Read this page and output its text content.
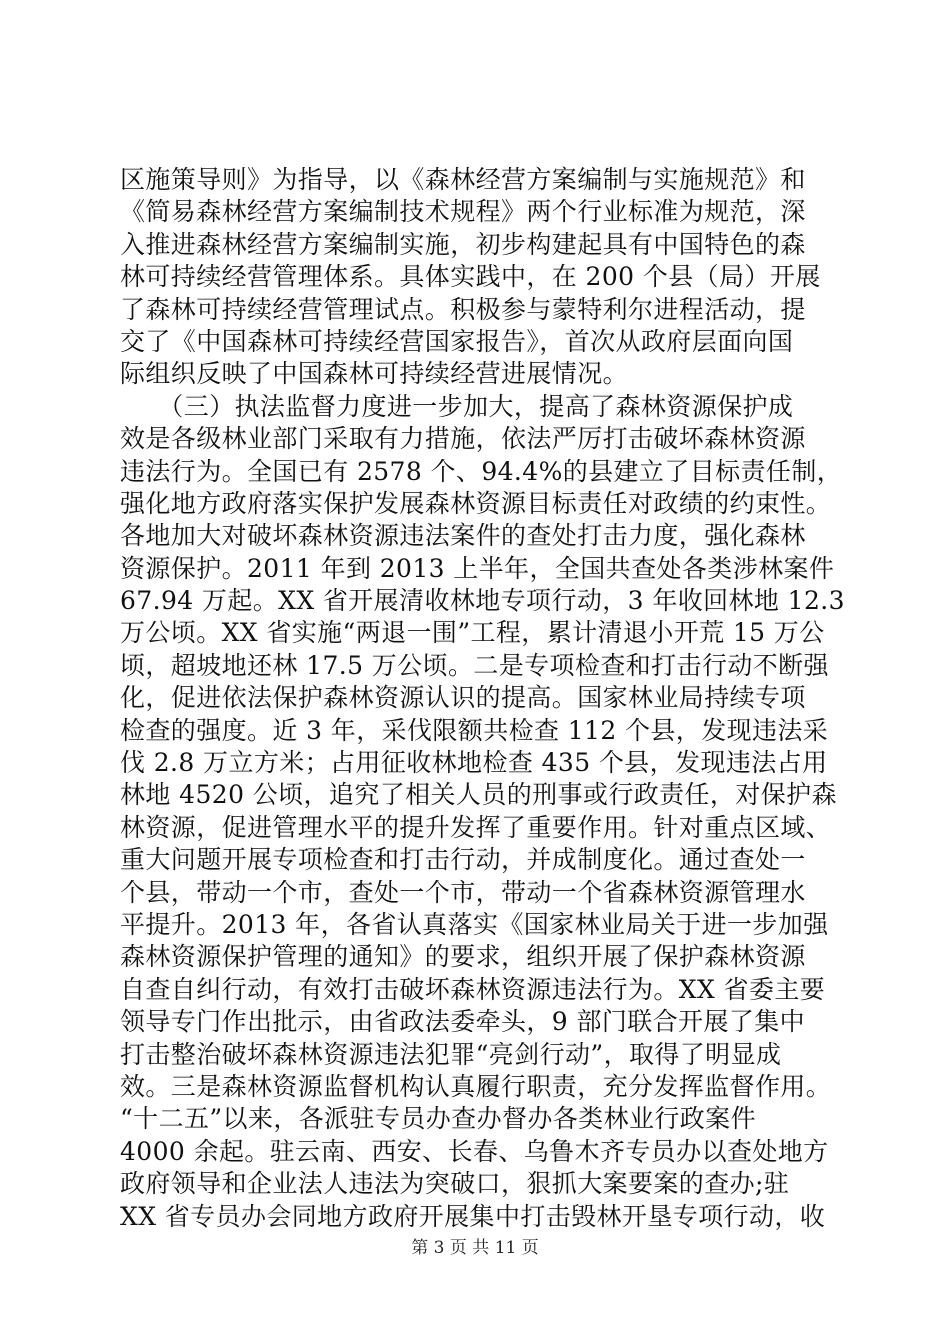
区施策导则》为指导，以《森林经营方案编制与实施规范》和
《简易森林经营方案编制技术规程》两个行业标准为规范，深
入推进森林经营方案编制实施，初步构建起具有中国特色的森
林可持续经营管理体系。具体实践中，在 200 个县（局）开展
了森林可持续经营管理试点。积极参与蒙特利尔进程活动，提
交了《中国森林可持续经营国家报告》，首次从政府层面向国
际组织反映了中国森林可持续经营进展情况。
　　（三）执法监督力度进一步加大，提高了森林资源保护成
效是各级林业部门采取有力措施，依法严厉打击破坏森林资源
违法行为。全国已有 2578 个、94.4%的县建立了目标责任制，
强化地方政府落实保护发展森林资源目标责任对政绩的约束性。
各地加大对破坏森林资源违法案件的查处打击力度，强化森林
资源保护。2011 年到 2013 上半年，全国共查处各类涉林案件
67.94 万起。XX 省开展清收林地专项行动，3 年收回林地 12.3
万公顷。XX 省实施“两退一围”工程，累计清退小开荒 15 万公
顷，超坡地还林 17.5 万公顷。二是专项检查和打击行动不断强
化，促进依法保护森林资源认识的提高。国家林业局持续专项
检查的强度。近 3 年，采伐限额共检查 112 个县，发现违法采
伐 2.8 万立方米；占用征收林地检查 435 个县，发现违法占用
林地 4520 公顷，追究了相关人员的刑事或行政责任，对保护森
林资源，促进管理水平的提升发挥了重要作用。针对重点区域、
重大问题开展专项检查和打击行动，并成制度化。通过查处一
个县，带动一个市，查处一个市，带动一个省森林资源管理水
平提升。2013 年，各省认真落实《国家林业局关于进一步加强
森林资源保护管理的通知》的要求，组织开展了保护森林资源
自查自纠行动，有效打击破坏森林资源违法行为。XX 省委主要
领导专门作出批示，由省政法委牵头，9 部门联合开展了集中
打击整治破坏森林资源违法犯罪“亮剑行动”，取得了明显成
效。三是森林资源监督机构认真履行职责，充分发挥监督作用。
“十二五”以来，各派驻专员办查办督办各类林业行政案件
4000 余起。驻云南、西安、长春、乌鲁木齐专员办以查处地方
政府领导和企业法人违法为突破口，狠抓大案要案的查办;驻
XX 省专员办会同地方政府开展集中打击毁林开垦专项行动，收
第 3 页 共 11 页
